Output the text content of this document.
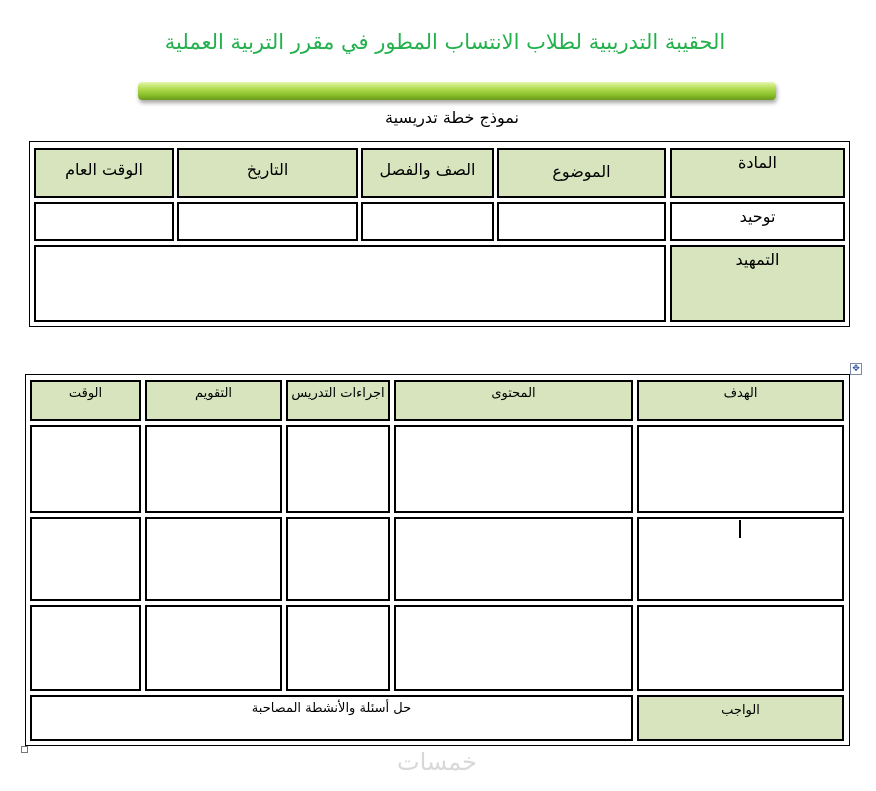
الحقيبة التدريبية لطلاب الانتساب المطور في مقرر التربية العملية
نموذج خطة تدريسية
المادة
الموضوع
الصف والفصل
التاريخ
الوقت العام
توحيد
التمهيد
✥
الهدف
المحتوى
اجراءات التدريس
التقويم
الوقت
الواجب
حل أسئلة والأنشطة المصاحبة
خمسات
